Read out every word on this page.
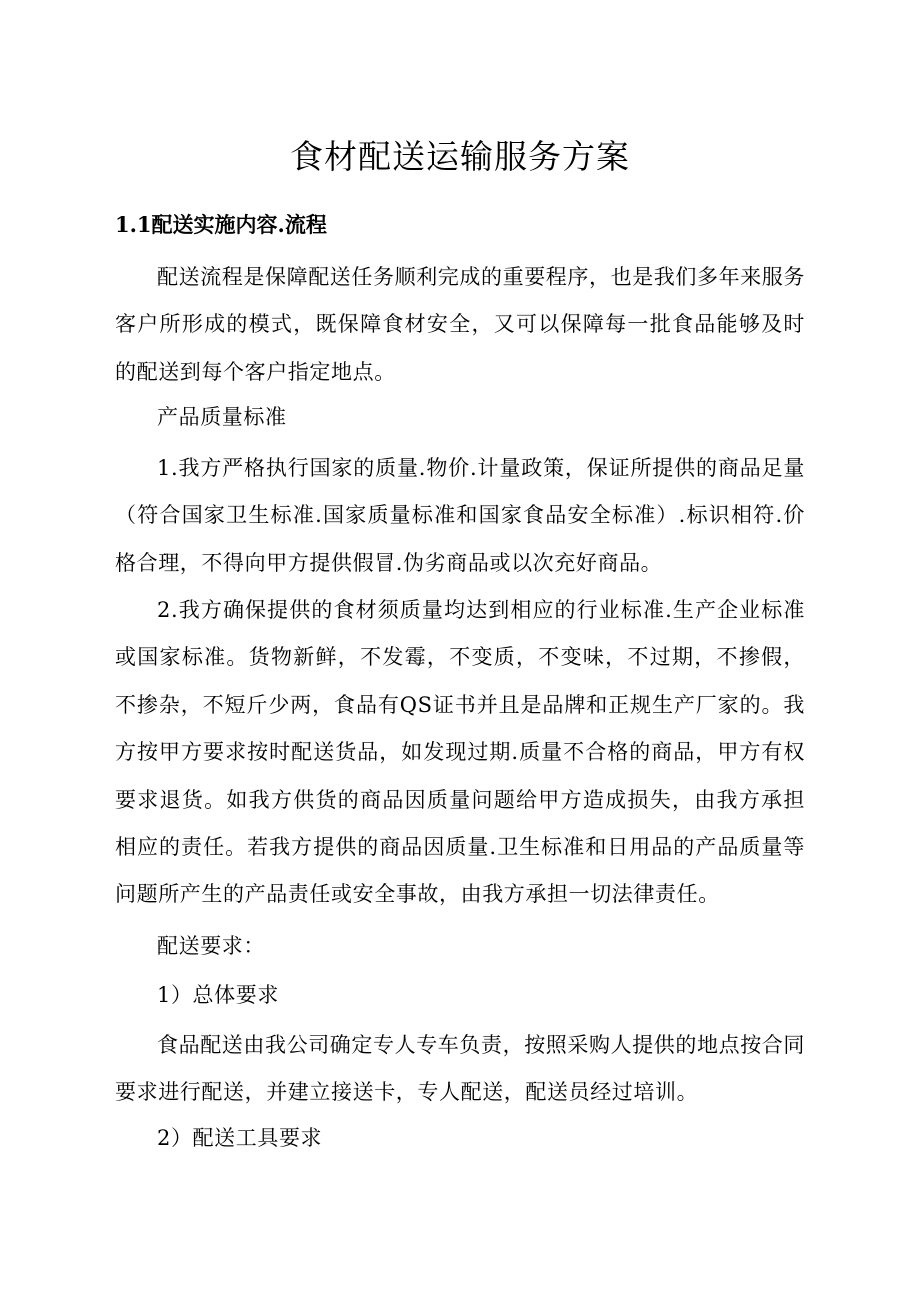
食材配送运输服务方案
1.1配送实施内容.流程

配送流程是保障配送任务顺利完成的重要程序，也是我们多年来服务客户所形成的模式，既保障食材安全，又可以保障每一批食品能够及时的配送到每个客户指定地点。

产品质量标准

1.我方严格执行国家的质量.物价.计量政策，保证所提供的商品足量（符合国家卫生标准.国家质量标准和国家食品安全标准）.标识相符.价格合理，不得向甲方提供假冒.伪劣商品或以次充好商品。

2.我方确保提供的食材须质量均达到相应的行业标准.生产企业标准或国家标准。货物新鲜，不发霉，不变质，不变味，不过期，不掺假，不掺杂，不短斤少两，食品有QS证书并且是品牌和正规生产厂家的。我方按甲方要求按时配送货品，如发现过期.质量不合格的商品，甲方有权要求退货。如我方供货的商品因质量问题给甲方造成损失，由我方承担相应的责任。若我方提供的商品因质量.卫生标准和日用品的产品质量等问题所产生的产品责任或安全事故，由我方承担一切法律责任。

配送要求：

1）总体要求

食品配送由我公司确定专人专车负责，按照采购人提供的地点按合同要求进行配送，并建立接送卡，专人配送，配送员经过培训。

2）配送工具要求
